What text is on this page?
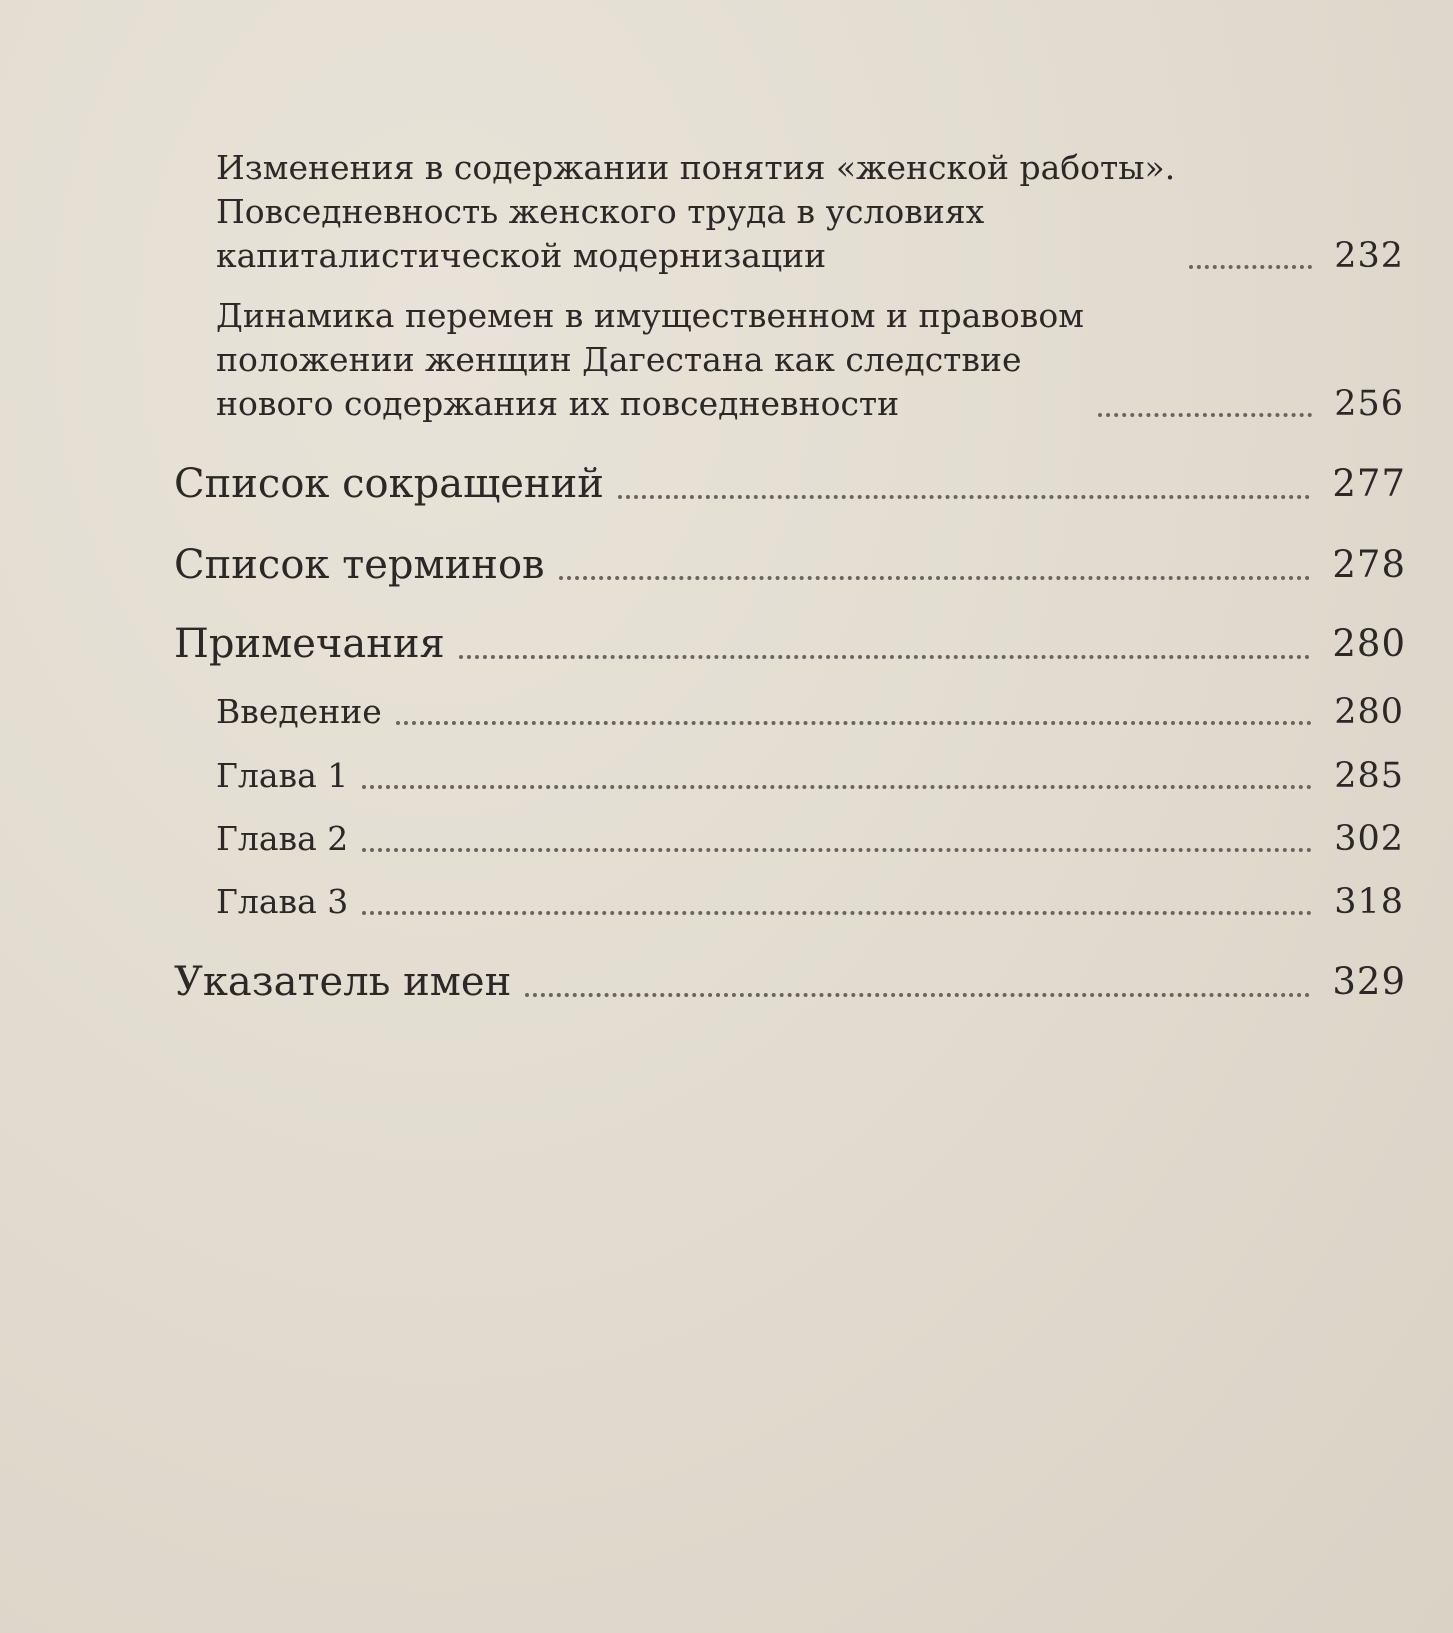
Изменения в содержании понятия «женской работы».
Повседневность женского труда в условиях
капиталистической модернизации	232
Динамика перемен в имущественном и правовом
положении женщин Дагестана как следствие
нового содержания их повседневности	256
Список сокращений	277
Список терминов	278
Примечания	280
Введение	280
Глава 1	285
Глава 2	302
Глава 3	318
Указатель имен	329
